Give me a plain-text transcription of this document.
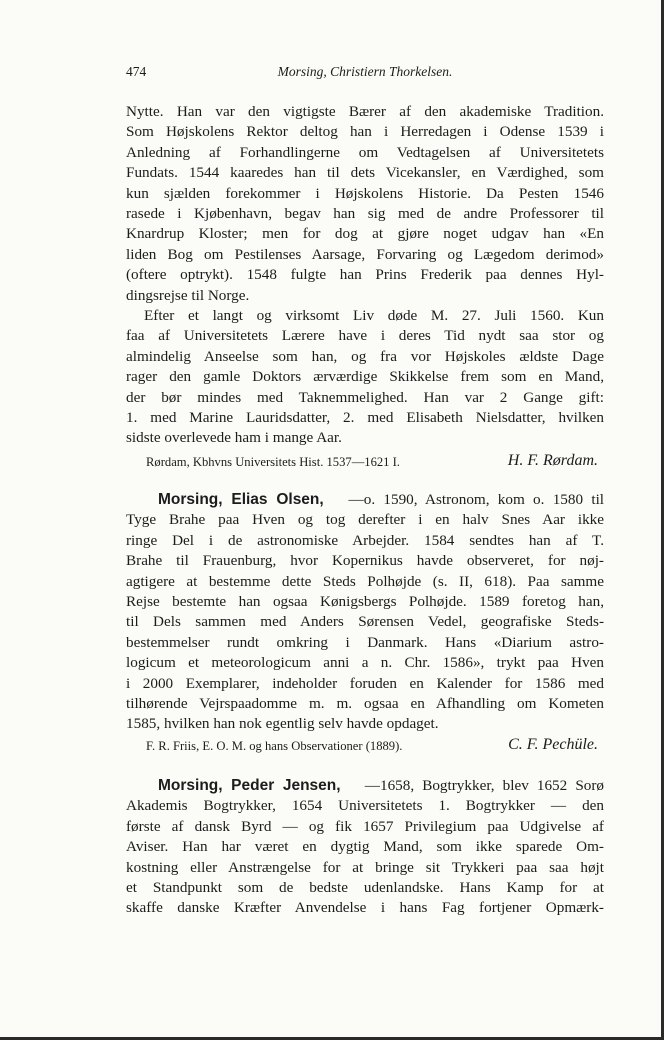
474	Morsing, Christiern Thorkelsen.
Nytte. Han var den vigtigste Bærer af den akademiske Tradition.
Som Højskolens Rektor deltog han i Herredagen i Odense 1539 i
Anledning af Forhandlingerne om Vedtagelsen af Universitetets
Fundats. 1544 kaaredes han til dets Vicekansler, en Værdighed, som
kun sjælden forekommer i Højskolens Historie. Da Pesten 1546
rasede i Kjøbenhavn, begav han sig med de andre Professorer til
Knardrup Kloster; men for dog at gjøre noget udgav han «En
liden Bog om Pestilenses Aarsage, Forvaring og Lægedom derimod»
(oftere optrykt). 1548 fulgte han Prins Frederik paa dennes Hyl-
dingsrejse til Norge.
Efter et langt og virksomt Liv døde M. 27. Juli 1560. Kun
faa af Universitetets Lærere have i deres Tid nydt saa stor og
almindelig Anseelse som han, og fra vor Højskoles ældste Dage
rager den gamle Doktors ærværdige Skikkelse frem som en Mand,
der bør mindes med Taknemmelighed. Han var 2 Gange gift:
1. med Marine Lauridsdatter, 2. med Elisabeth Nielsdatter, hvilken
sidste overlevede ham i mange Aar.
Rørdam, Kbhvns Universitets Hist. 1537—1621 I.	H. F. Rørdam.
Morsing, Elias Olsen, —o. 1590, Astronom, kom o. 1580 til
Tyge Brahe paa Hven og tog derefter i en halv Snes Aar ikke
ringe Del i de astronomiske Arbejder. 1584 sendtes han af T.
Brahe til Frauenburg, hvor Kopernikus havde observeret, for nøj-
agtigere at bestemme dette Steds Polhøjde (s. II, 618). Paa samme
Rejse bestemte han ogsaa Kønigsbergs Polhøjde. 1589 foretog han,
til Dels sammen med Anders Sørensen Vedel, geografiske Steds-
bestemmelser rundt omkring i Danmark. Hans «Diarium astro-
logicum et meteorologicum anni a n. Chr. 1586», trykt paa Hven
i 2000 Exemplarer, indeholder foruden en Kalender for 1586 med
tilhørende Vejrspaadomme m. m. ogsaa en Afhandling om Kometen
1585, hvilken han nok egentlig selv havde opdaget.
F. R. Friis, E. O. M. og hans Observationer (1889).	C. F. Pechüle.
Morsing, Peder Jensen, —1658, Bogtrykker, blev 1652 Sorø
Akademis Bogtrykker, 1654 Universitetets 1. Bogtrykker — den
første af dansk Byrd — og fik 1657 Privilegium paa Udgivelse af
Aviser. Han har været en dygtig Mand, som ikke sparede Om-
kostning eller Anstrængelse for at bringe sit Trykkeri paa saa højt
et Standpunkt som de bedste udenlandske. Hans Kamp for at
skaffe danske Kræfter Anvendelse i hans Fag fortjener Opmærk-
